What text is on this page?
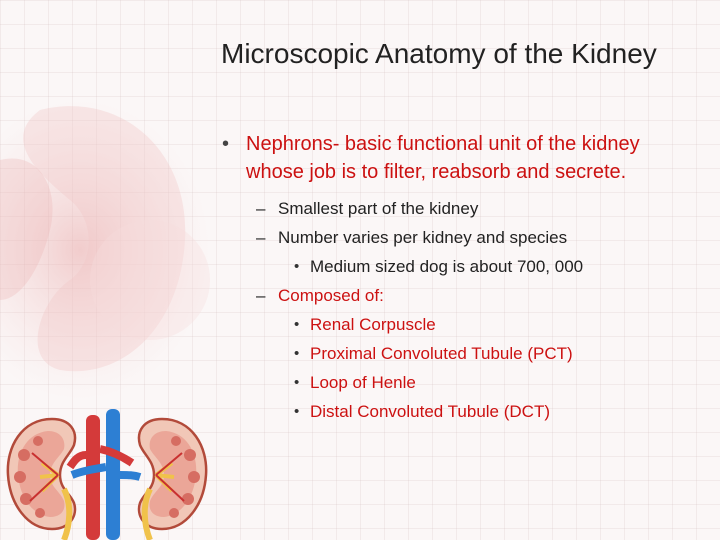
Microscopic Anatomy of the Kidney
• Nephrons- basic functional unit of the kidney whose job is to filter, reabsorb and secrete.
– Smallest part of the kidney
– Number varies per kidney and species
• Medium sized dog is about 700, 000
– Composed of:
• Renal Corpuscle
• Proximal Convoluted Tubule (PCT)
• Loop of Henle
• Distal Convoluted Tubule (DCT)
